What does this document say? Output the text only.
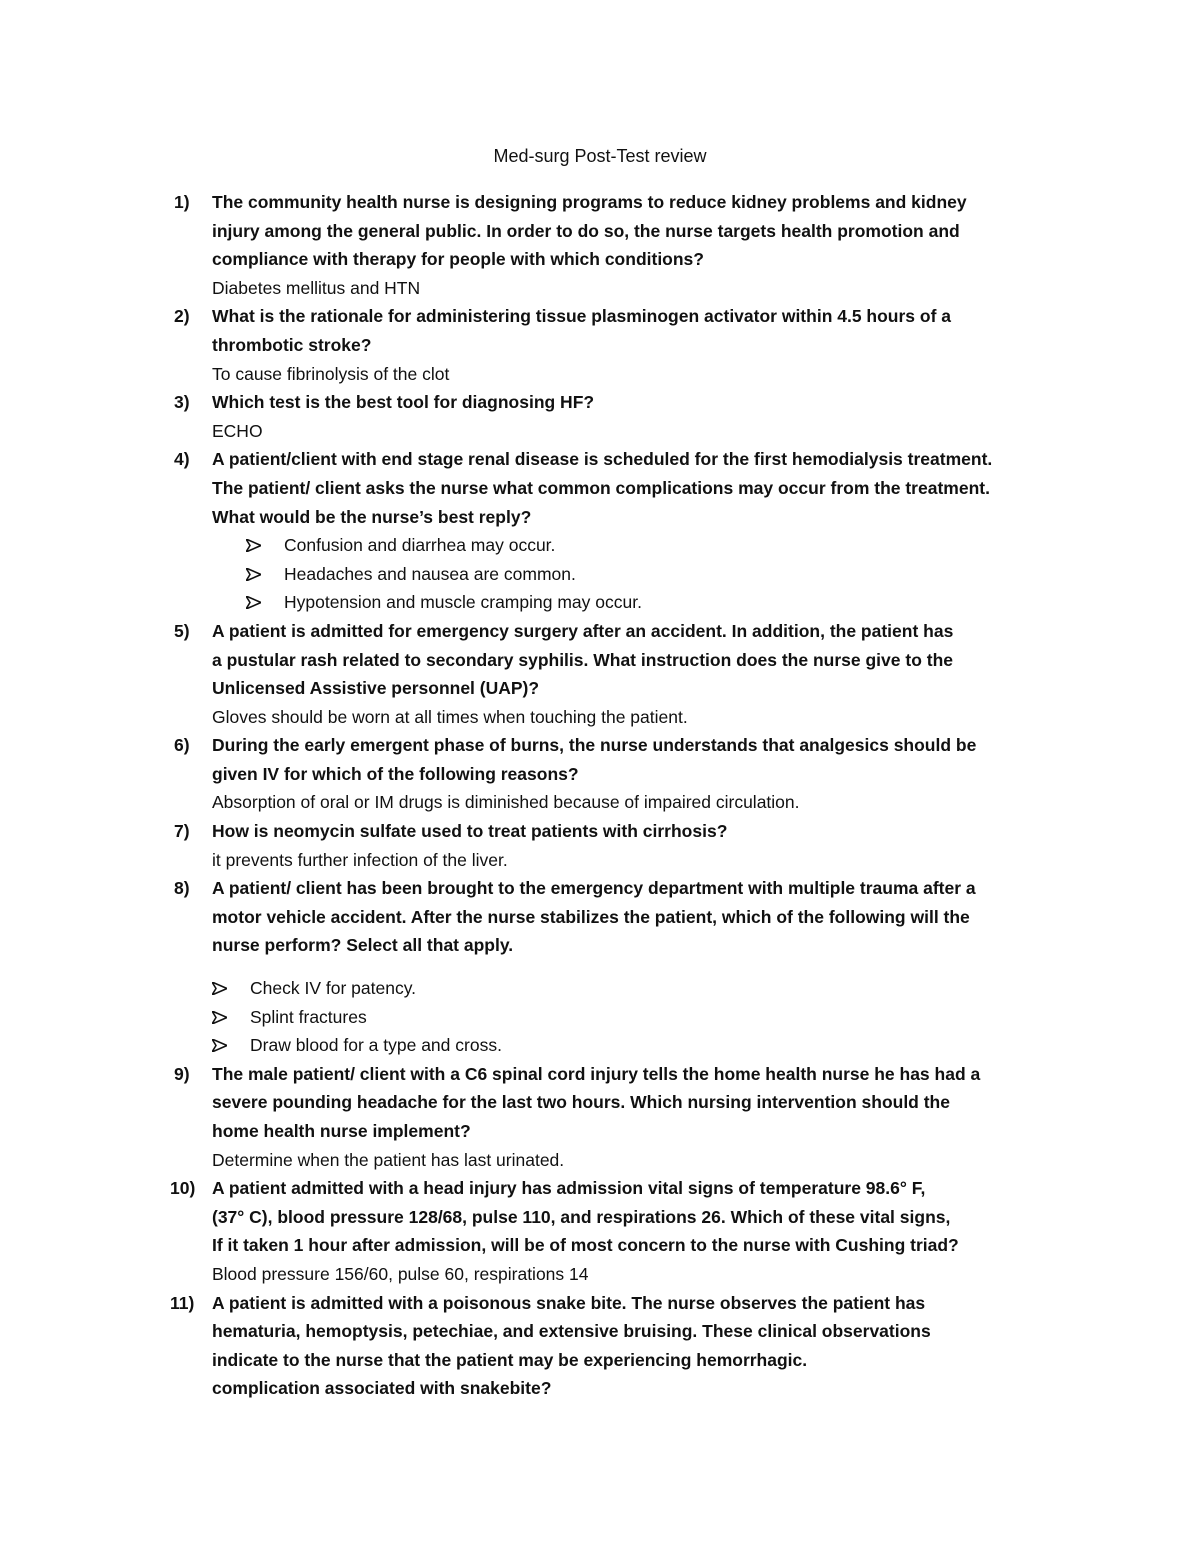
Med-surg Post-Test review
1) The community health nurse is designing programs to reduce kidney problems and kidney
injury among the general public. In order to do so, the nurse targets health promotion and
compliance with therapy for people with which conditions?
Diabetes mellitus and HTN
2) What is the rationale for administering tissue plasminogen activator within 4.5 hours of a
thrombotic stroke?
To cause fibrinolysis of the clot
3) Which test is the best tool for diagnosing HF?
ECHO
4) A patient/client with end stage renal disease is scheduled for the first hemodialysis treatment.
The patient/ client asks the nurse what common complications may occur from the treatment.
What would be the nurse’s best reply?
Confusion and diarrhea may occur.
Headaches and nausea are common.
Hypotension and muscle cramping may occur.
5) A patient is admitted for emergency surgery after an accident. In addition, the patient has
a pustular rash related to secondary syphilis. What instruction does the nurse give to the
Unlicensed Assistive personnel (UAP)?
Gloves should be worn at all times when touching the patient.
6) During the early emergent phase of burns, the nurse understands that analgesics should be
given IV for which of the following reasons?
Absorption of oral or IM drugs is diminished because of impaired circulation.
7) How is neomycin sulfate used to treat patients with cirrhosis?
it prevents further infection of the liver.
8) A patient/ client has been brought to the emergency department with multiple trauma after a
motor vehicle accident. After the nurse stabilizes the patient, which of the following will the
nurse perform? Select all that apply.
Check IV for patency.
Splint fractures
Draw blood for a type and cross.
9) The male patient/ client with a C6 spinal cord injury tells the home health nurse he has had a
severe pounding headache for the last two hours. Which nursing intervention should the
home health nurse implement?
Determine when the patient has last urinated.
10) A patient admitted with a head injury has admission vital signs of temperature 98.6° F,
(37° C), blood pressure 128/68, pulse 110, and respirations 26. Which of these vital signs,
If it taken 1 hour after admission, will be of most concern to the nurse with Cushing triad?
Blood pressure 156/60, pulse 60, respirations 14
11) A patient is admitted with a poisonous snake bite. The nurse observes the patient has
hematuria, hemoptysis, petechiae, and extensive bruising. These clinical observations
indicate to the nurse that the patient may be experiencing hemorrhagic.
complication associated with snakebite?
